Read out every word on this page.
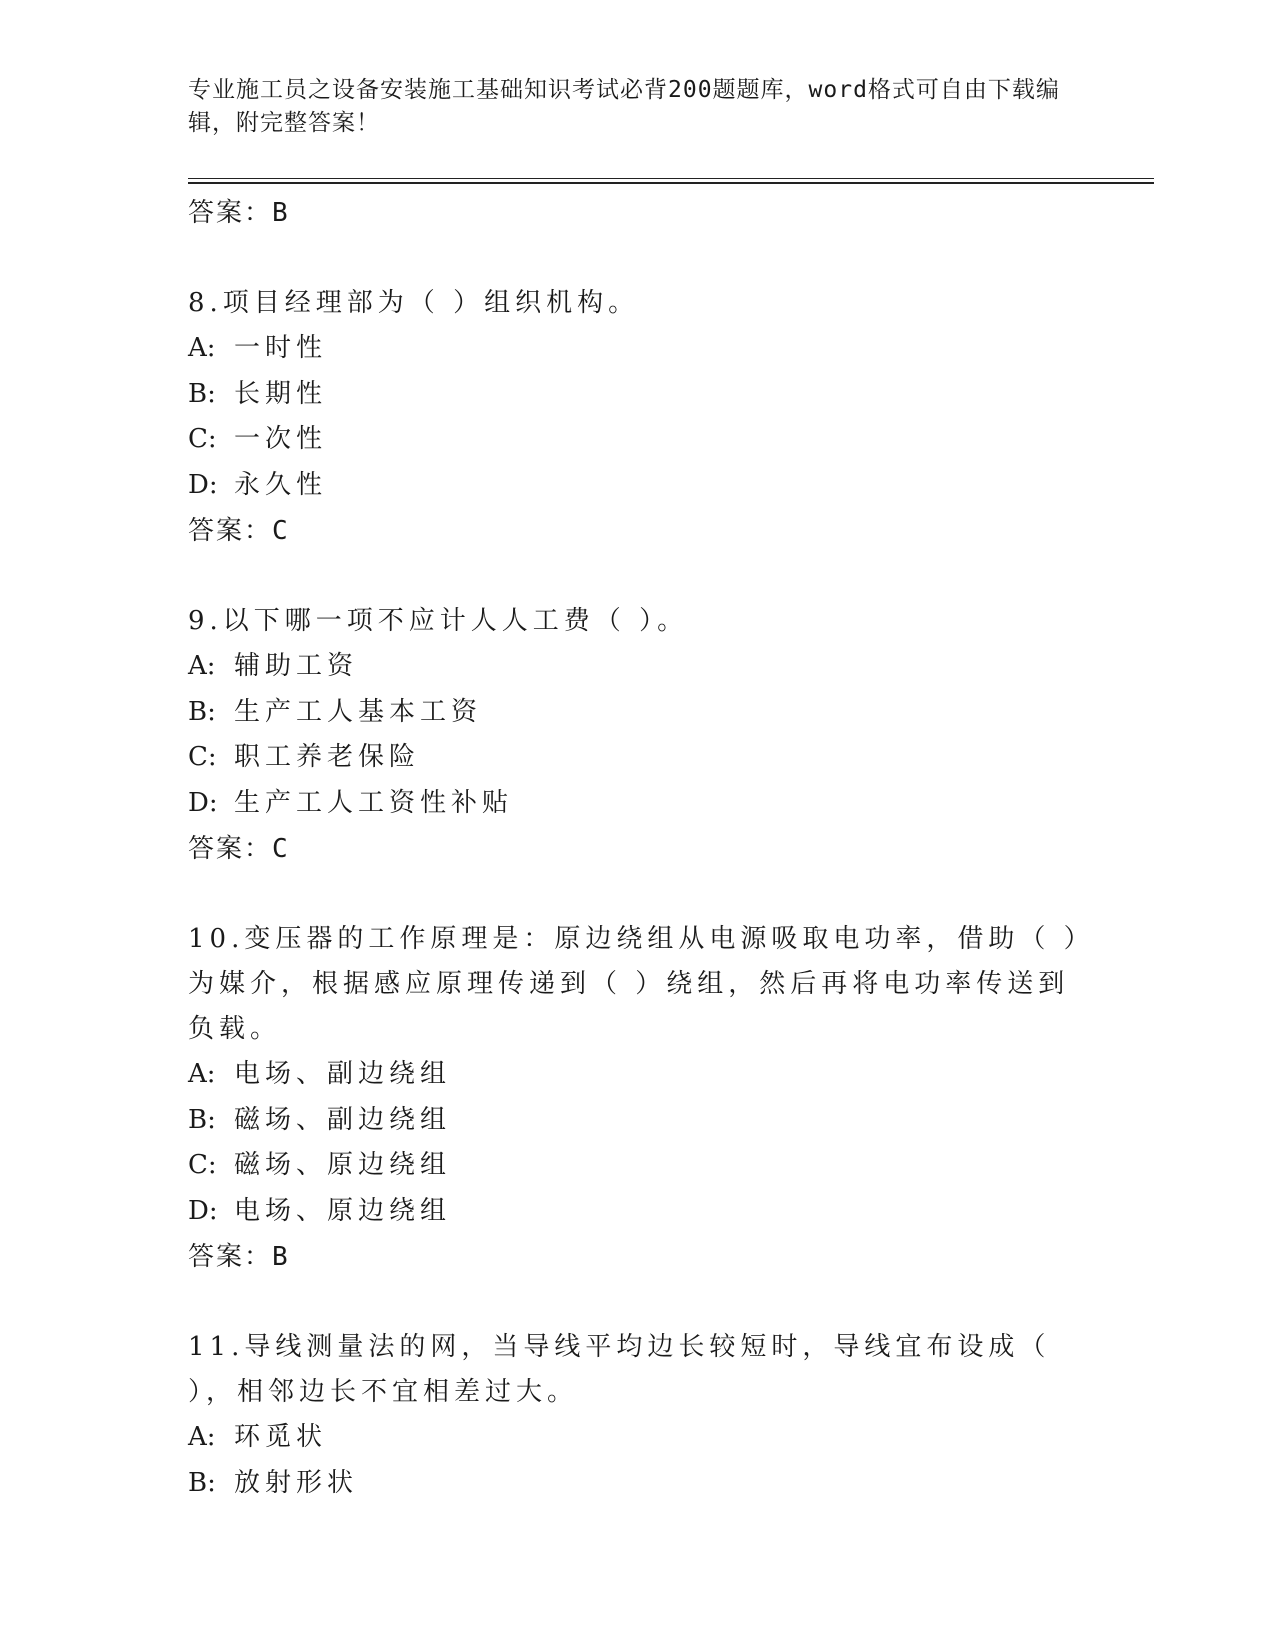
专业施工员之设备安装施工基础知识考试必背200题题库，word格式可自由下载编辑，附完整答案！
答案：B
8.项目经理部为（ ）组织机构。
A: 一时性
B: 长期性
C: 一次性
D: 永久性
答案：C
9.以下哪一项不应计人人工费（ ）。
A: 辅助工资
B: 生产工人基本工资
C: 职工养老保险
D: 生产工人工资性补贴
答案：C
10.变压器的工作原理是：原边绕组从电源吸取电功率，借助（ ）为媒介，根据感应原理传递到（ ）绕组，然后再将电功率传送到负载。
A: 电场、副边绕组
B: 磁场、副边绕组
C: 磁场、原边绕组
D: 电场、原边绕组
答案：B
11.导线测量法的网，当导线平均边长较短时，导线宜布设成（ ），相邻边长不宜相差过大。
A: 环觅状
B: 放射形状
